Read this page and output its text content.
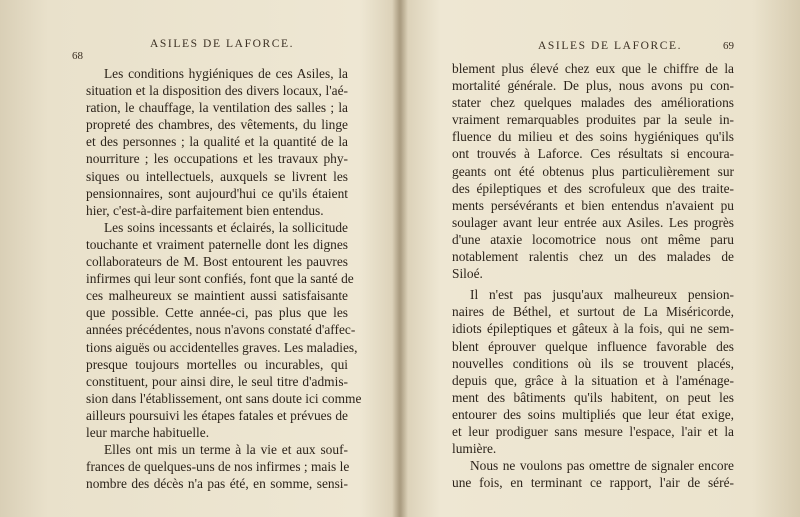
68
ASILES DE LAFORCE.
Les conditions hygiéniques de ces Asiles, la
situation et la disposition des divers locaux, l'aé-
ration, le chauffage, la ventilation des salles ; la
propreté des chambres, des vêtements, du linge
et des personnes ; la qualité et la quantité de la
nourriture ; les occupations et les travaux phy-
siques ou intellectuels, auxquels se livrent les
pensionnaires, sont aujourd'hui ce qu'ils étaient
hier, c'est-à-dire parfaitement bien entendus.
Les soins incessants et éclairés, la sollicitude
touchante et vraiment paternelle dont les dignes
collaborateurs de M. Bost entourent les pauvres
infirmes qui leur sont confiés, font que la santé de
ces malheureux se maintient aussi satisfaisante
que possible. Cette année-ci, pas plus que les
années précédentes, nous n'avons constaté d'affec-
tions aiguës ou accidentelles graves. Les maladies,
presque toujours mortelles ou incurables, qui
constituent, pour ainsi dire, le seul titre d'admis-
sion dans l'établissement, ont sans doute ici comme
ailleurs poursuivi les étapes fatales et prévues de
leur marche habituelle.
Elles ont mis un terme à la vie et aux souf-
frances de quelques-uns de nos infirmes ; mais le
nombre des décès n'a pas été, en somme, sensi-
ASILES DE LAFORCE.	69
blement plus élevé chez eux que le chiffre de la
mortalité générale. De plus, nous avons pu con-
stater chez quelques malades des améliorations
vraiment remarquables produites par la seule in-
fluence du milieu et des soins hygiéniques qu'ils
ont trouvés à Laforce. Ces résultats si encoura-
geants ont été obtenus plus particulièrement sur
des épileptiques et des scrofuleux que des traite-
ments persévérants et bien entendus n'avaient pu
soulager avant leur entrée aux Asiles. Les progrès
d'une ataxie locomotrice nous ont même paru
notablement ralentis chez un des malades de
Siloé.
Il n'est pas jusqu'aux malheureux pension-
naires de Béthel, et surtout de La Miséricorde,
idiots épileptiques et gâteux à la fois, qui ne sem-
blent éprouver quelque influence favorable des
nouvelles conditions où ils se trouvent placés,
depuis que, grâce à la situation et à l'aménage-
ment des bâtiments qu'ils habitent, on peut les
entourer des soins multipliés que leur état exige,
et leur prodiguer sans mesure l'espace, l'air et la
lumière.
Nous ne voulons pas omettre de signaler encore
une fois, en terminant ce rapport, l'air de séré-
